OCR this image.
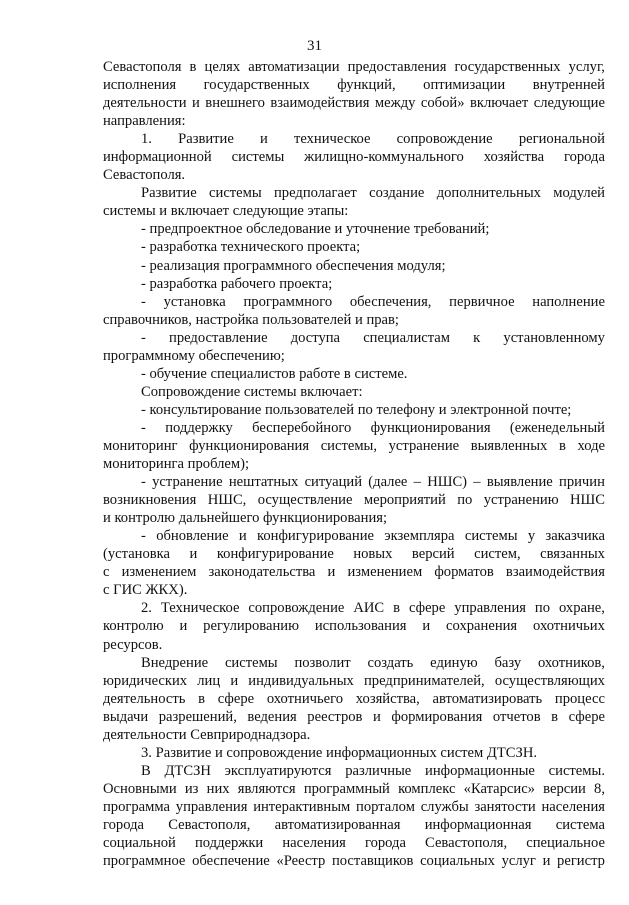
31
Севастополя в целях автоматизации предоставления государственных услуг,
исполнения государственных функций, оптимизации внутренней
деятельности и внешнего взаимодействия между собой» включает следующие
направления:
1. Развитие и техническое сопровождение региональной
информационной системы жилищно-коммунального хозяйства города
Севастополя.
Развитие системы предполагает создание дополнительных модулей
системы и включает следующие этапы:
- предпроектное обследование и уточнение требований;
- разработка технического проекта;
- реализация программного обеспечения модуля;
- разработка рабочего проекта;
- установка программного обеспечения, первичное наполнение
справочников, настройка пользователей и прав;
- предоставление доступа специалистам к установленному
программному обеспечению;
- обучение специалистов работе в системе.
Сопровождение системы включает:
- консультирование пользователей по телефону и электронной почте;
- поддержку бесперебойного функционирования (еженедельный
мониторинг функционирования системы, устранение выявленных в ходе
мониторинга проблем);
- устранение нештатных ситуаций (далее – НШС) – выявление причин
возникновения НШС, осуществление мероприятий по устранению НШС
и контролю дальнейшего функционирования;
- обновление и конфигурирование экземпляра системы у заказчика
(установка и конфигурирование новых версий систем, связанных
с изменением законодательства и изменением форматов взаимодействия
с ГИС ЖКХ).
2. Техническое сопровождение АИС в сфере управления по охране,
контролю и регулированию использования и сохранения охотничьих
ресурсов.
Внедрение системы позволит создать единую базу охотников,
юридических лиц и индивидуальных предпринимателей, осуществляющих
деятельность в сфере охотничьего хозяйства, автоматизировать процесс
выдачи разрешений, ведения реестров и формирования отчетов в сфере
деятельности Севприроднадзора.
3. Развитие и сопровождение информационных систем ДТСЗН.
В ДТСЗН эксплуатируются различные информационные системы.
Основными из них являются программный комплекс «Катарсис» версии 8,
программа управления интерактивным порталом службы занятости населения
города Севастополя, автоматизированная информационная система
социальной поддержки населения города Севастополя, специальное
программное обеспечение «Реестр поставщиков социальных услуг и регистр
